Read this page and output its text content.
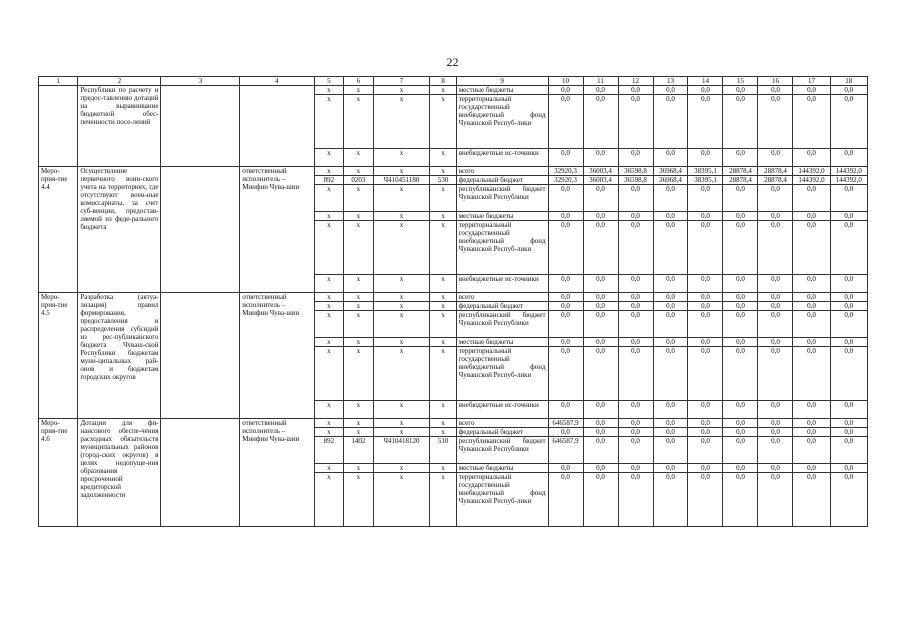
22
1	2	3	4	5	6	7	8	9	10	11	12	13	14	15	16	17	18
	Республики по расчету и предос-тавлению дотаций на выравнивание бюджетной обес-печенности посе-лений			x	x	x	x	местные бюджеты	0,0	0,0	0,0	0,0	0,0	0,0	0,0	0,0	0,0
				x	x	x	x	территориальный государственный внебюджетный фонд Чувашской Респуб-лики	0,0	0,0	0,0	0,0	0,0	0,0	0,0	0,0	0,0
				x	x	x	x	внебюджетные ис-точники	0,0	0,0	0,0	0,0	0,0	0,0	0,0	0,0	0,0
Меро-прия-тие 4.4	Осуществление первичного воин-ского учета на территориях, где отсутствуют воен-ные комиссариаты, за счет суб-венции, предостав-ляемой из феде-рального бюджета		ответственный исполнитель – Минфин Чува-шии	x	x	x	x	всего	32920,3	36003,4	36598,8	36968,4	38395,1	28878,4	28878,4	144392,0	144392,0
				892	0203	Ч410451180	530	федеральный бюджет	32920,3	36003,4	36598,8	36968,4	38395,1	28878,4	28878,4	144392,0	144392,0
				x	x	x	x	республиканский бюджет Чувашской Республики	0,0	0,0	0,0	0,0	0,0	0,0	0,0	0,0	0,0
				x	x	x	x	местные бюджеты	0,0	0,0	0,0	0,0	0,0	0,0	0,0	0,0	0,0
				x	x	x	x	территориальный государственный внебюджетный фонд Чувашской Респуб-лики	0,0	0,0	0,0	0,0	0,0	0,0	0,0	0,0	0,0
				x	x	x	x	внебюджетные ис-точники	0,0	0,0	0,0	0,0	0,0	0,0	0,0	0,0	0,0
Меро-прия-тие 4.5	Разработка (актуа-лизация) правил формирования, предоставления и распределения субсидий из рес-публиканского бюджета Чуваш-ской Республики бюджетам муни-ципальных рай-онов и бюджетам городских округов		ответственный исполнитель – Минфин Чува-шии	x	x	x	x	всего	0,0	0,0	0,0	0,0	0,0	0,0	0,0	0,0	0,0
				x	x	x	x	федеральный бюджет	0,0	0,0	0,0	0,0	0,0	0,0	0,0	0,0	0,0
				x	x	x	x	республиканский бюджет Чувашской Республики	0,0	0,0	0,0	0,0	0,0	0,0	0,0	0,0	0,0
				x	x	x	x	местные бюджеты	0,0	0,0	0,0	0,0	0,0	0,0	0,0	0,0	0,0
				x	x	x	x	территориальный государственный внебюджетный фонд Чувашской Респуб-лики	0,0	0,0	0,0	0,0	0,0	0,0	0,0	0,0	0,0
				x	x	x	x	внебюджетные ис-точники	0,0	0,0	0,0	0,0	0,0	0,0	0,0	0,0	0,0
Меро-прия-тие 4.6	Дотации для фи-нансового обеспе-чения расходных обязательств муниципальных районов (город-ских округов) в целях недопуще-ния образования просроченной кредиторской задолженности		ответственный исполнитель – Минфин Чува-шии	x	x	x	x	всего	646587,9	0,0	0,0	0,0	0,0	0,0	0,0	0,0	0,0
				x	x	x	x	федеральный бюджет	0,0	0,0	0,0	0,0	0,0	0,0	0,0	0,0	0,0
				892	1402	Ч410418120	510	республиканский бюджет Чувашской Республики	646587,9	0,0	0,0	0,0	0,0	0,0	0,0	0,0	0,0
				x	x	x	x	местные бюджеты	0,0	0,0	0,0	0,0	0,0	0,0	0,0	0,0	0,0
				x	x	x	x	территориальный государственный внебюджетный фонд Чувашской Респуб-лики	0,0	0,0	0,0	0,0	0,0	0,0	0,0	0,0	0,0
